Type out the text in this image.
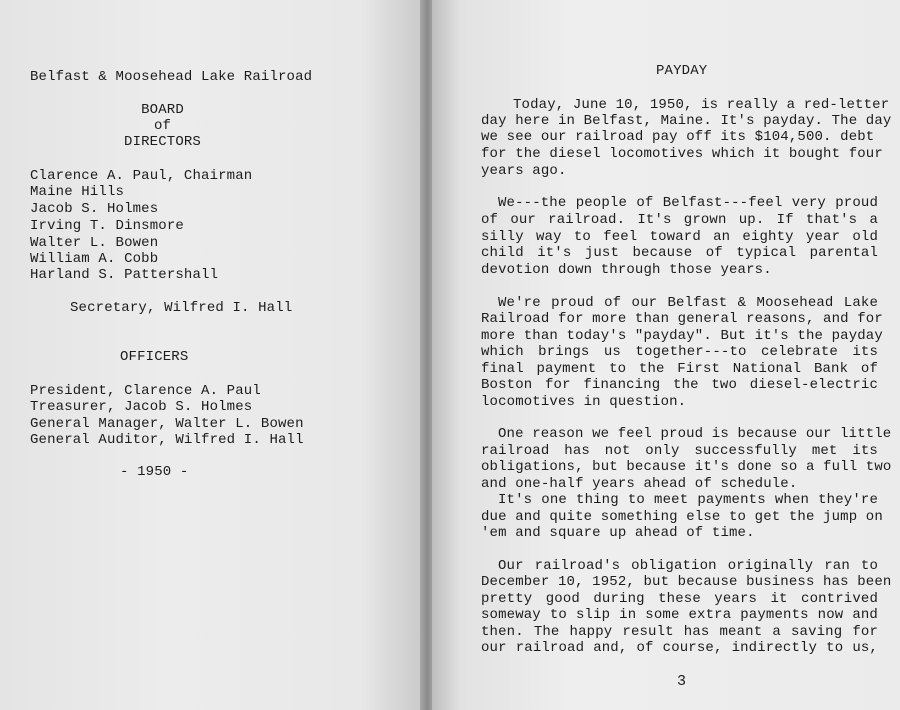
Belfast & Moosehead Lake Railroad
BOARD
of
DIRECTORS
Clarence A. Paul, Chairman
Maine Hills
Jacob S. Holmes
Irving T. Dinsmore
Walter L. Bowen
William A. Cobb
Harland S. Pattershall
Secretary, Wilfred I. Hall
OFFICERS
President, Clarence A. Paul
Treasurer, Jacob S. Holmes
General Manager, Walter L. Bowen
General Auditor, Wilfred I. Hall
- 1950 -
PAYDAY
Today, June 10, 1950, is really a red-letter
day here in Belfast, Maine. It's payday. The day
we see our railroad pay off its $104,500. debt
for the diesel locomotives which it bought four
years ago.
We---the people of Belfast---feel very proud
of our railroad. It's grown up. If that's a
silly way to feel toward an eighty year old
child it's just because of typical parental
devotion down through those years.
We're proud of our Belfast & Moosehead Lake
Railroad for more than general reasons, and for
more than today's "payday". But it's the payday
which brings us together---to celebrate its
final payment to the First National Bank of
Boston for financing the two diesel-electric
locomotives in question.
One reason we feel proud is because our little
railroad has not only successfully met its
obligations, but because it's done so a full two
and one-half years ahead of schedule.
It's one thing to meet payments when they're
due and quite something else to get the jump on
'em and square up ahead of time.
Our railroad's obligation originally ran to
December 10, 1952, but because business has been
pretty good during these years it contrived
someway to slip in some extra payments now and
then. The happy result has meant a saving for
our railroad and, of course, indirectly to us,
3
